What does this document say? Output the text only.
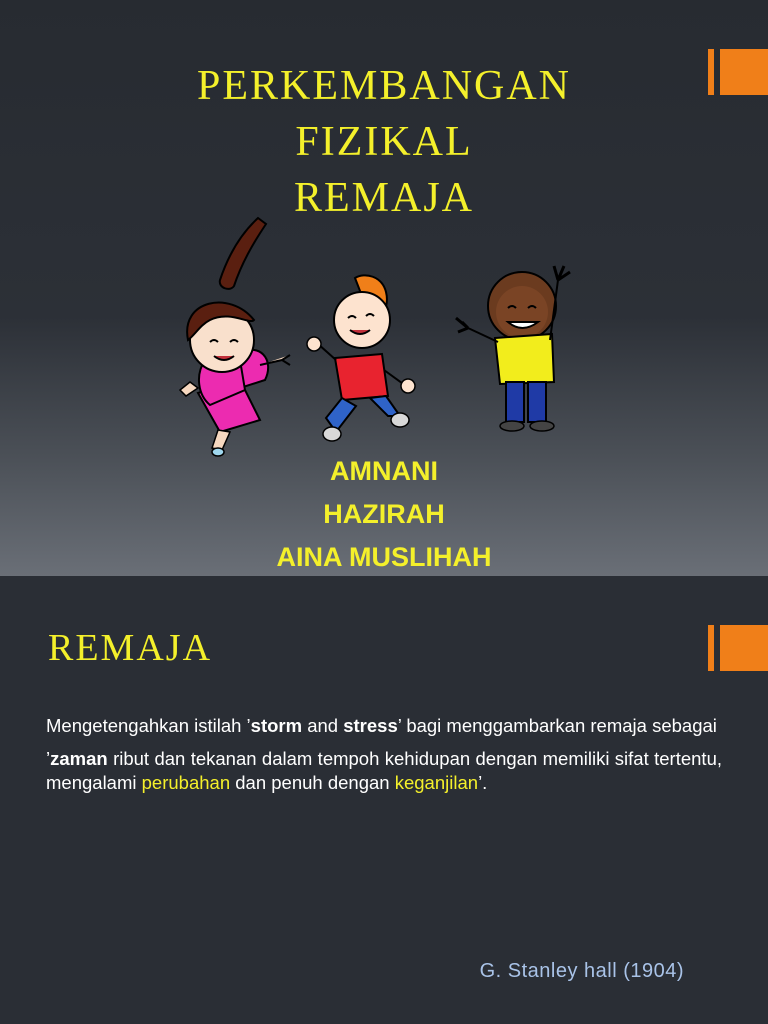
PERKEMBANGAN
FIZIKAL
REMAJA
AMNANI
HAZIRAH
AINA MUSLIHAH
REMAJA

Mengetengahkan istilah ’storm and stress’ bagi menggambarkan remaja sebagai

’zaman ribut dan tekanan dalam tempoh kehidupan dengan memiliki sifat tertentu, mengalami perubahan dan penuh dengan keganjilan’.

G. Stanley hall (1904)
